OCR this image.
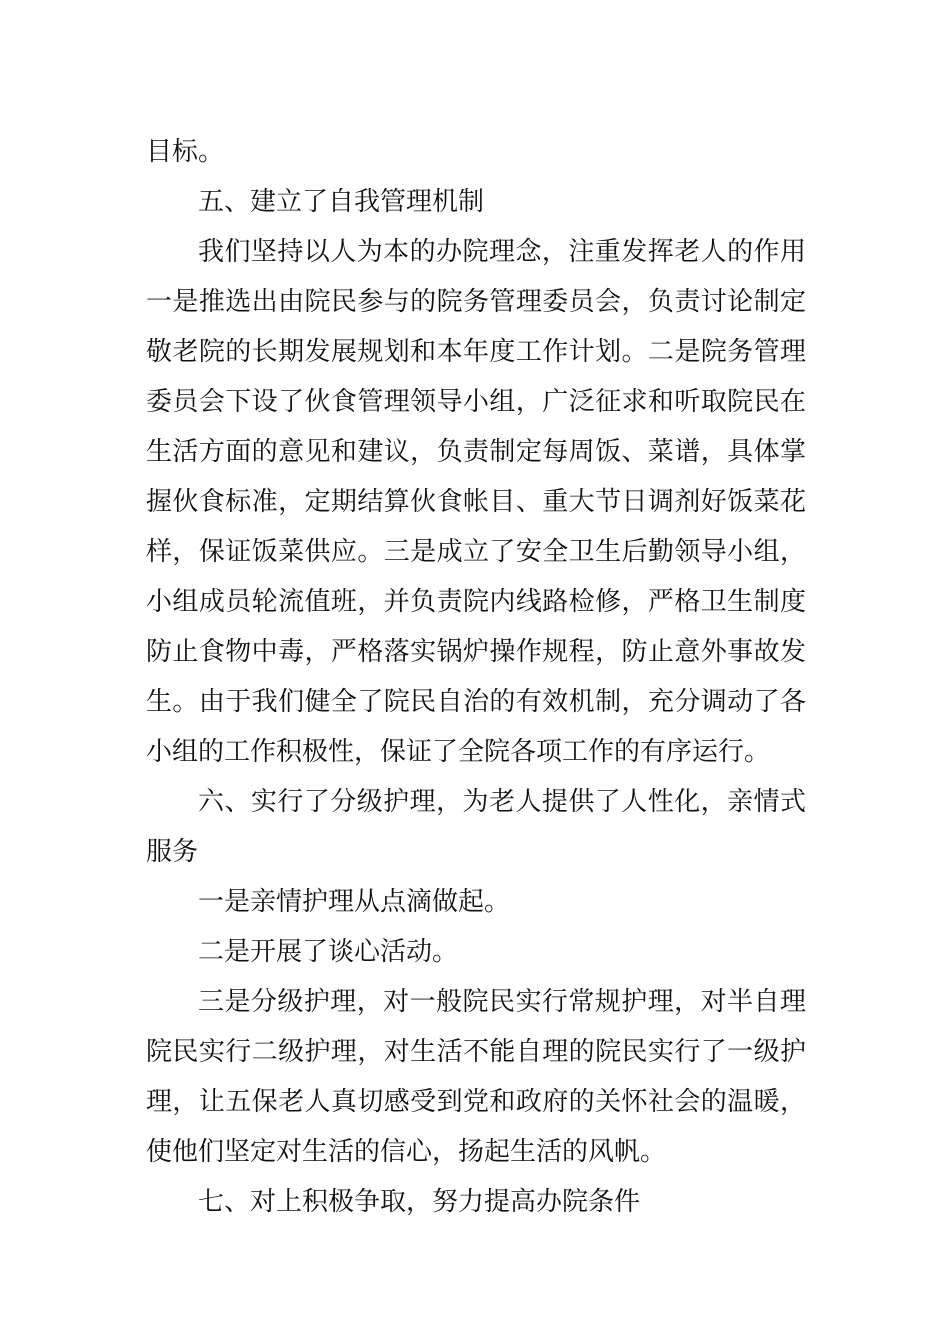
目标。

五、建立了自我管理机制

我们坚持以人为本的办院理念，注重发挥老人的作用一是推选出由院民参与的院务管理委员会，负责讨论制定敬老院的长期发展规划和本年度工作计划。二是院务管理委员会下设了伙食管理领导小组，广泛征求和听取院民在生活方面的意见和建议，负责制定每周饭、菜谱，具体掌握伙食标准，定期结算伙食帐目、重大节日调剂好饭菜花样，保证饭菜供应。三是成立了安全卫生后勤领导小组，小组成员轮流值班，并负责院内线路检修，严格卫生制度防止食物中毒，严格落实锅炉操作规程，防止意外事故发生。由于我们健全了院民自治的有效机制，充分调动了各小组的工作积极性，保证了全院各项工作的有序运行。

六、实行了分级护理，为老人提供了人性化，亲情式服务

一是亲情护理从点滴做起。

二是开展了谈心活动。

三是分级护理，对一般院民实行常规护理，对半自理院民实行二级护理，对生活不能自理的院民实行了一级护理，让五保老人真切感受到党和政府的关怀社会的温暖，使他们坚定对生活的信心，扬起生活的风帆。

七、对上积极争取，努力提高办院条件
